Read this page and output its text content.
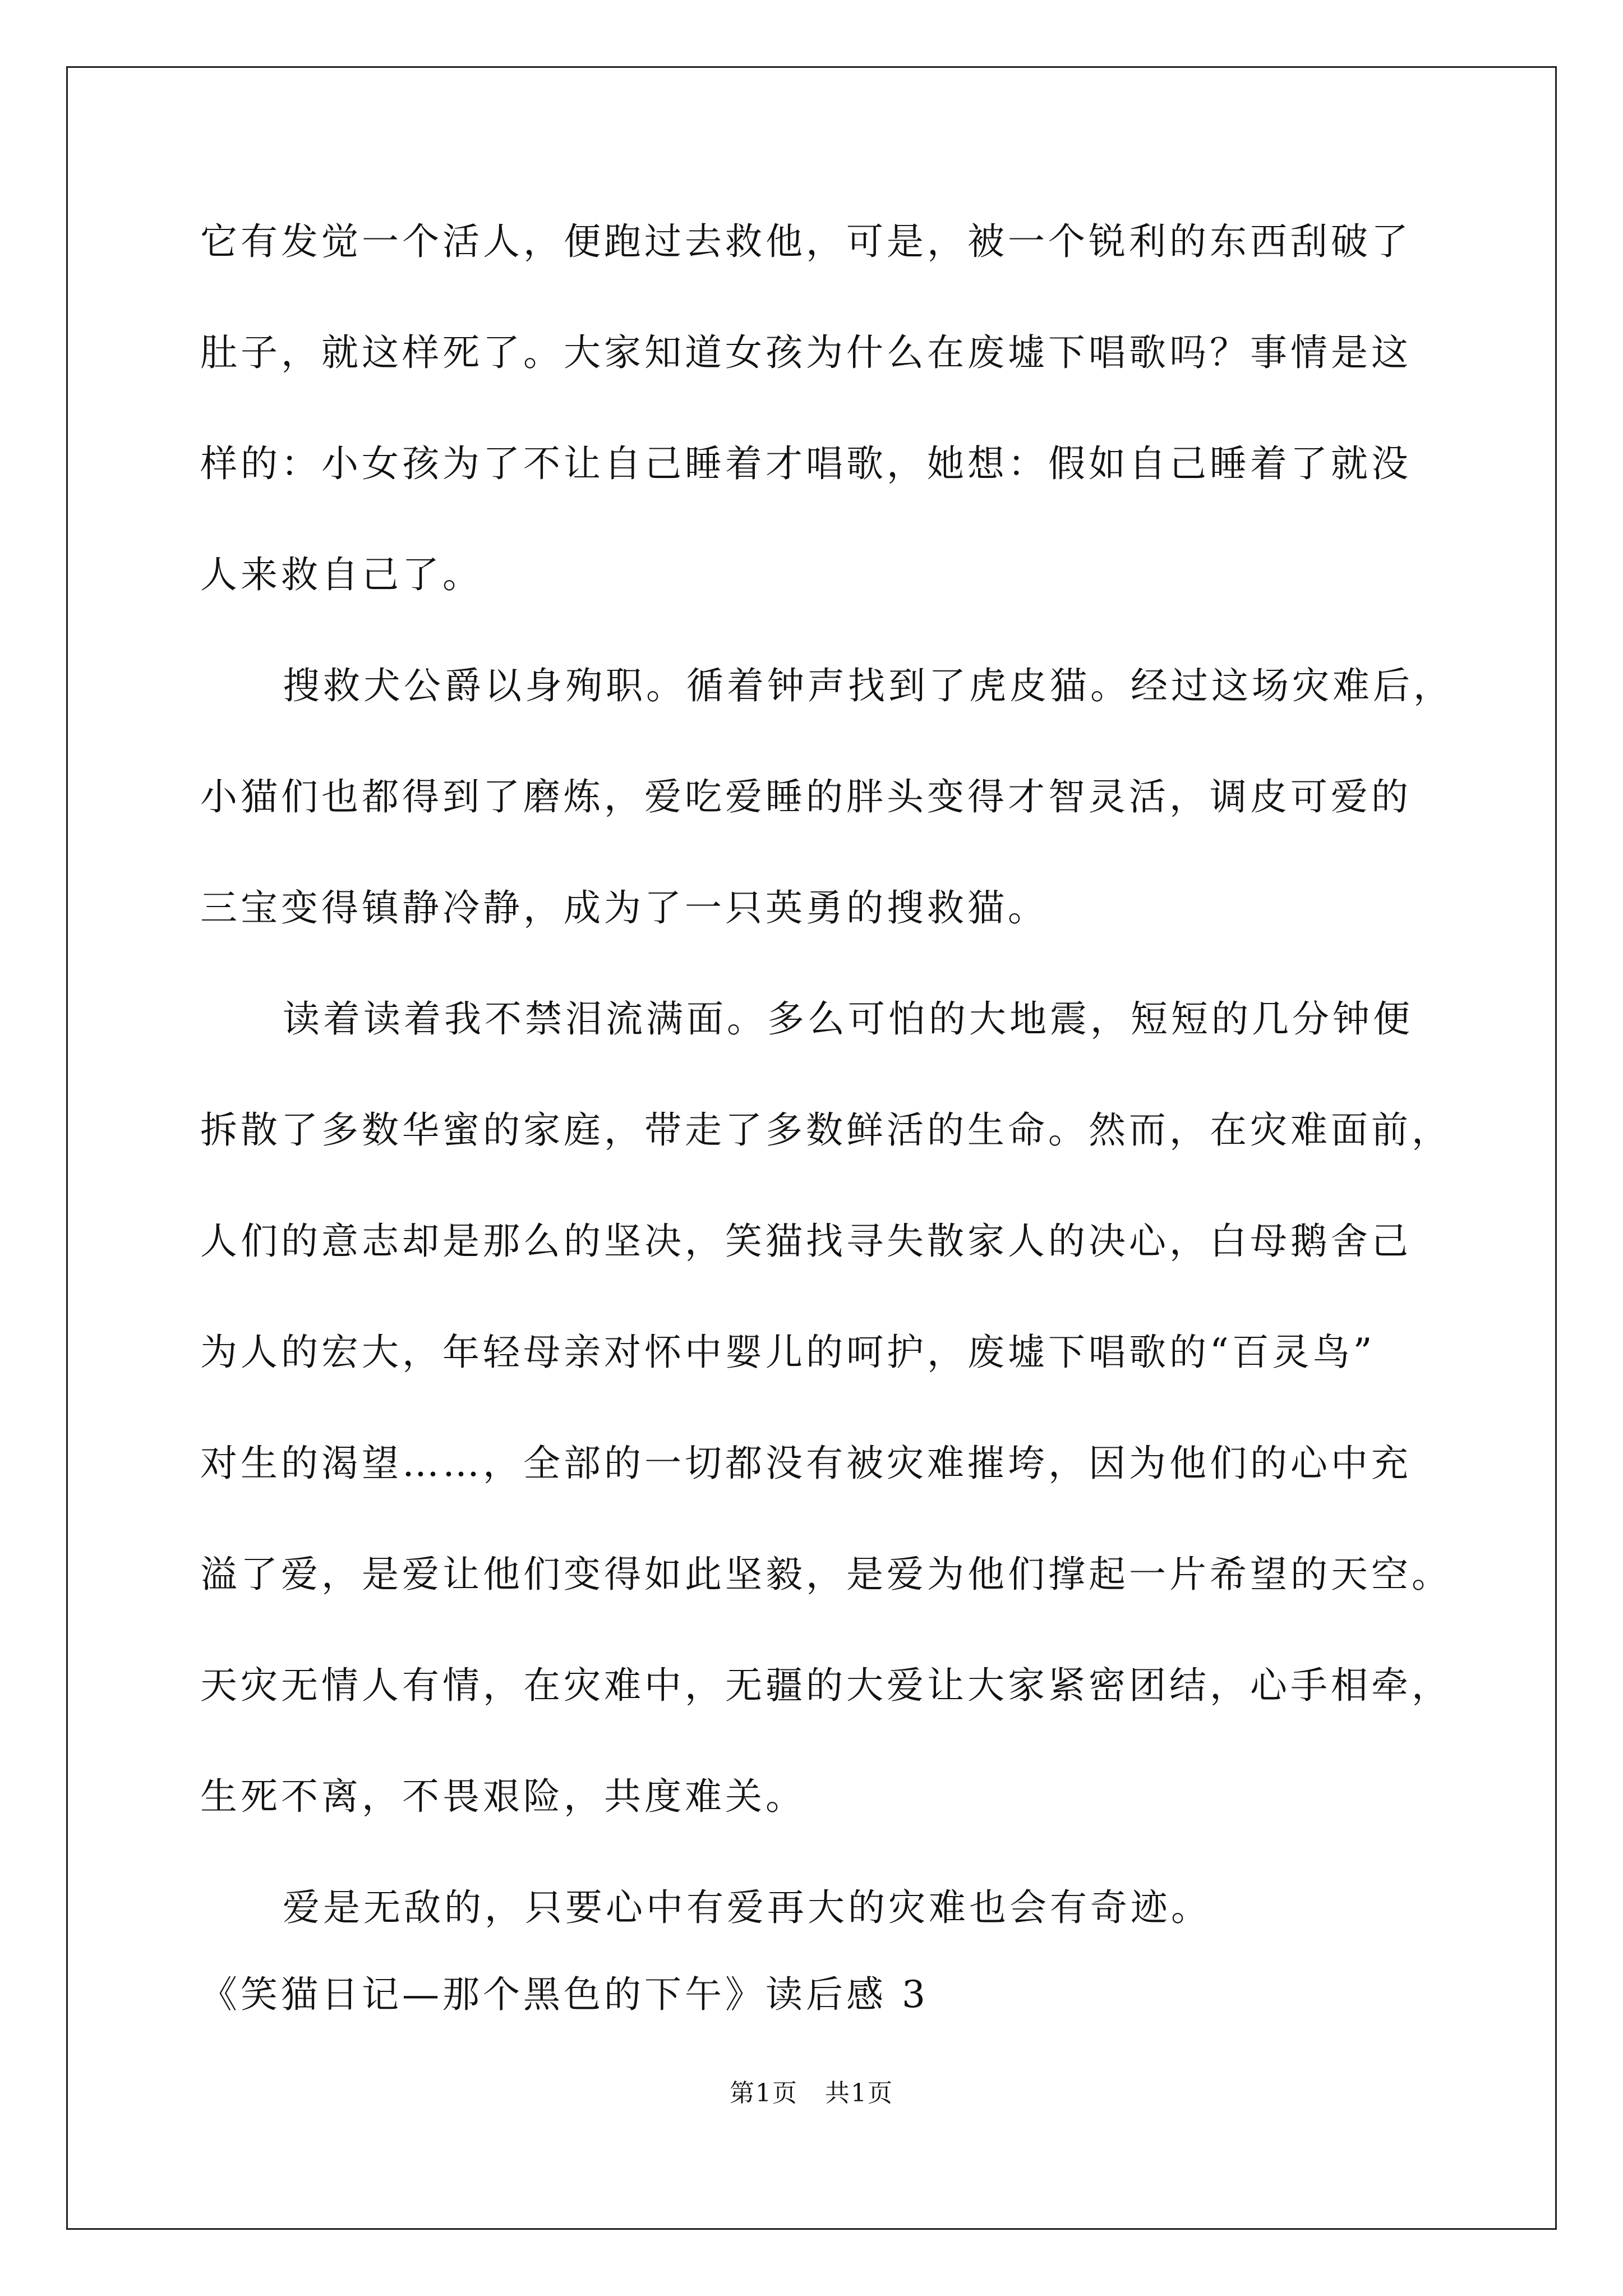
它有发觉一个活人，便跑过去救他，可是，被一个锐利的东西刮破了
肚子，就这样死了。大家知道女孩为什么在废墟下唱歌吗？事情是这
样的：小女孩为了不让自己睡着才唱歌，她想：假如自己睡着了就没
人来救自己了。
搜救犬公爵以身殉职。循着钟声找到了虎皮猫。经过这场灾难后，
小猫们也都得到了磨炼，爱吃爱睡的胖头变得才智灵活，调皮可爱的
三宝变得镇静冷静，成为了一只英勇的搜救猫。
读着读着我不禁泪流满面。多么可怕的大地震，短短的几分钟便
拆散了多数华蜜的家庭，带走了多数鲜活的生命。然而，在灾难面前，
人们的意志却是那么的坚决，笑猫找寻失散家人的决心，白母鹅舍己
为人的宏大，年轻母亲对怀中婴儿的呵护，废墟下唱歌的“百灵鸟”
对生的渴望……，全部的一切都没有被灾难摧垮，因为他们的心中充
溢了爱，是爱让他们变得如此坚毅，是爱为他们撑起一片希望的天空。
天灾无情人有情，在灾难中，无疆的大爱让大家紧密团结，心手相牵，
生死不离，不畏艰险，共度难关。
爱是无敌的，只要心中有爱再大的灾难也会有奇迹。
《笑猫日记—那个黑色的下午》读后感 3
第1页 共1页
